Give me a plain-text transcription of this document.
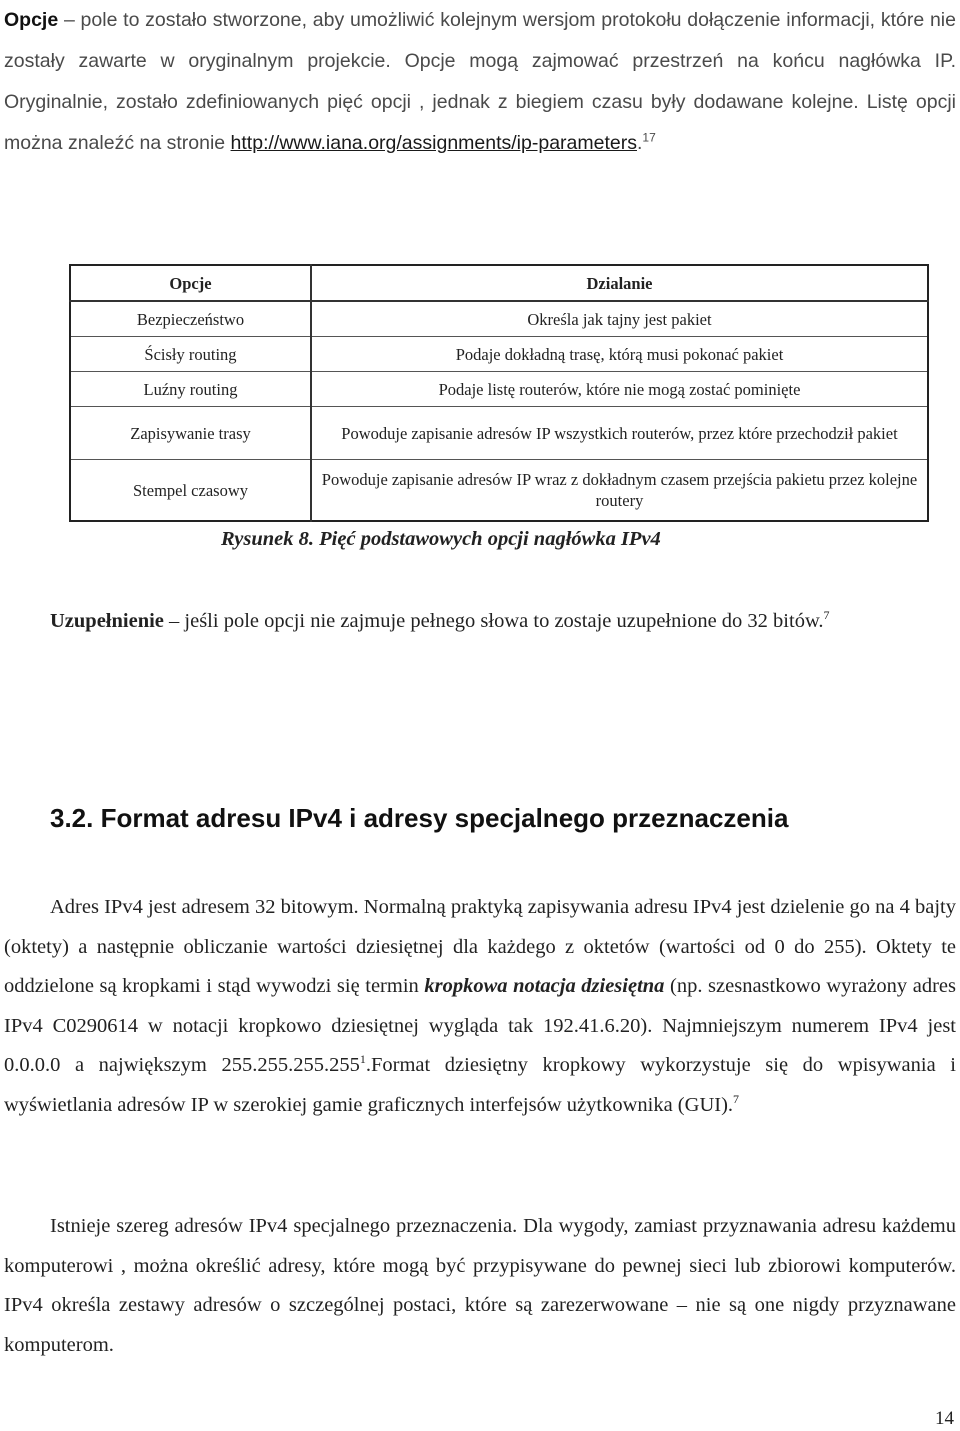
Opcje – pole to zostało stworzone, aby umożliwić kolejnym wersjom protokołu dołączenie informacji, które nie zostały zawarte w oryginalnym projekcie. Opcje mogą zajmować przestrzeń na końcu nagłówka IP. Oryginalnie, zostało zdefiniowanych pięć opcji , jednak z biegiem czasu były dodawane kolejne. Listę opcji można znaleźć na stronie http://www.iana.org/assignments/ip-parameters.$^{17}$
Opcje	Dzialanie
Bezpieczeństwo	Określa jak tajny jest pakiet
Ścisły routing	Podaje dokładną trasę, którą musi pokonać pakiet
Luźny routing	Podaje listę routerów, które nie mogą zostać pominięte
Zapisywanie trasy	Powoduje zapisanie adresów IP wszystkich routerów, przez które przechodził pakiet
Stempel czasowy	Powoduje zapisanie adresów IP wraz z dokładnym czasem przejścia pakietu przez kolejne routery
Rysunek 8. Pięć podstawowych opcji nagłówka IPv4
Uzupełnienie – jeśli pole opcji nie zajmuje pełnego słowa to zostaje uzupełnione do 32 bitów.$^7$
3.2. Format adresu IPv4 i adresy specjalnego przeznaczenia
Adres IPv4 jest adresem 32 bitowym. Normalną praktyką zapisywania adresu IPv4 jest dzielenie go na 4 bajty (oktety) a następnie obliczanie wartości dziesiętnej dla każdego z oktetów (wartości od 0 do 255). Oktety te oddzielone są kropkami i stąd wywodzi się termin kropkowa notacja dziesiętna (np. szesnastkowo wyrażony adres IPv4 C0290614 w notacji kropkowo dziesiętnej wygląda tak 192.41.6.20). Najmniejszym numerem IPv4 jest 0.0.0.0 a największym 255.255.255.255$^1$.Format dziesiętny kropkowy wykorzystuje się do wpisywania i wyświetlania adresów IP w szerokiej gamie graficznych interfejsów użytkownika (GUI).$^7$
Istnieje szereg adresów IPv4 specjalnego przeznaczenia. Dla wygody, zamiast przyznawania adresu każdemu komputerowi , można określić adresy, które mogą być przypisywane do pewnej sieci lub zbiorowi komputerów. IPv4 określa zestawy adresów o szczególnej postaci, które są zarezerwowane – nie są one nigdy przyznawane komputerom.
14
